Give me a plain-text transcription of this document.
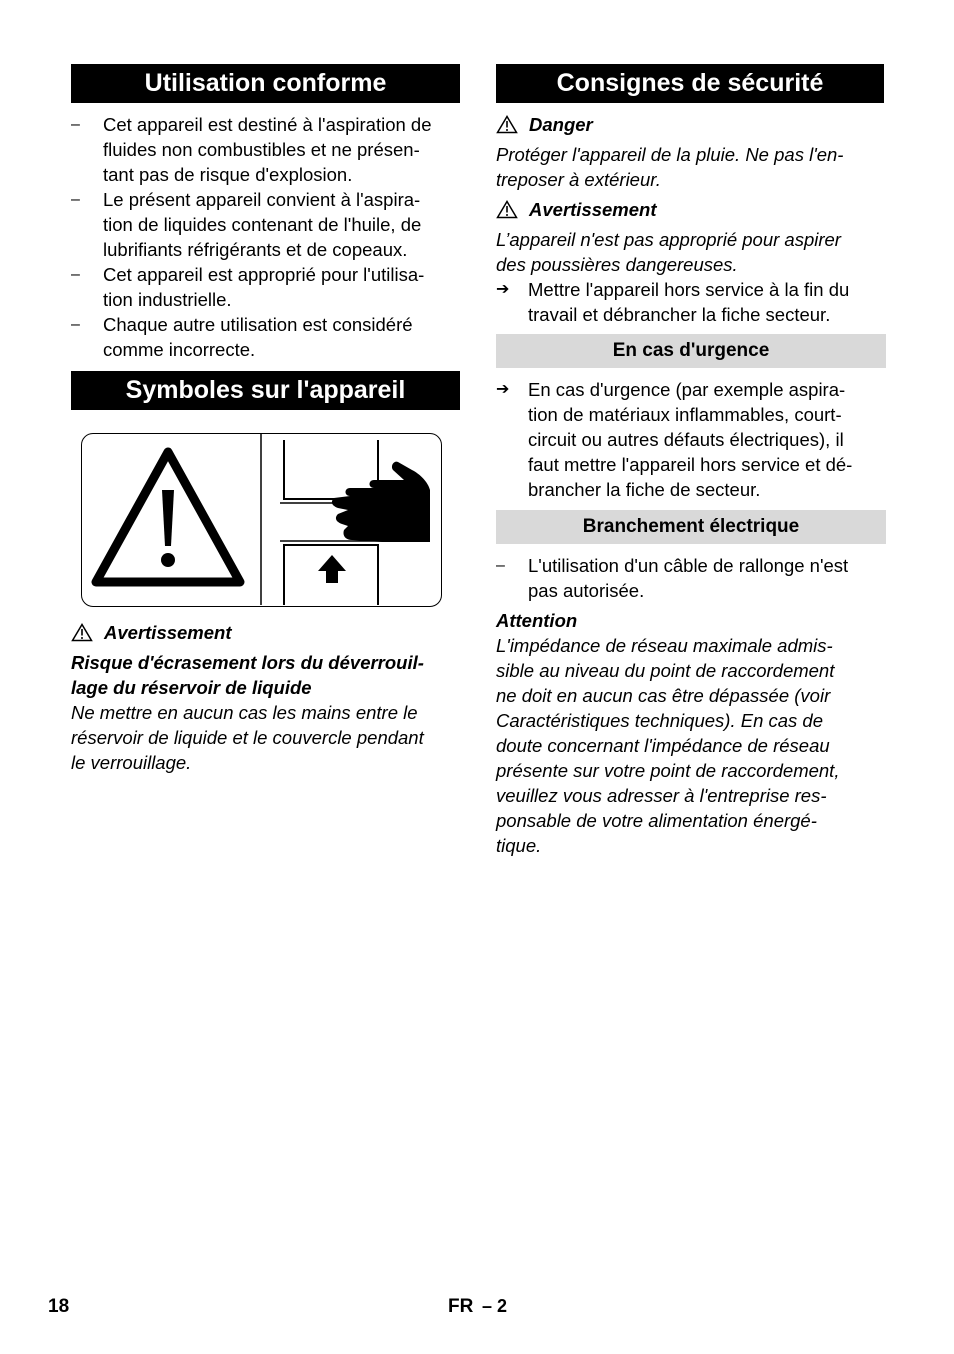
Utilisation conforme
–	Cet appareil est destiné à l'aspiration de
fluides non combustibles et ne présen-
tant pas de risque d'explosion.
–	Le présent appareil convient à l'aspira-
tion de liquides contenant de l'huile, de
lubrifiants réfrigérants et de copeaux.
–	Cet appareil est approprié pour l'utilisa-
tion industrielle.
–	Chaque autre utilisation est considéré
comme incorrecte.
Symboles sur l'appareil
Avertissement
Risque d'écrasement lors du déverrouil-
lage du réservoir de liquide
Ne mettre en aucun cas les mains entre le
réservoir de liquide et le couvercle pendant
le verrouillage.
Consignes de sécurité
Danger
Protéger l'appareil de la pluie. Ne pas l'en-
treposer à extérieur.
Avertissement
L’appareil n'est pas approprié pour aspirer
des poussières dangereuses.
➔	Mettre l'appareil hors service à la fin du
travail et débrancher la fiche secteur.
En cas d'urgence
➔	En cas d'urgence (par exemple aspira-
tion de matériaux inflammables, court-
circuit ou autres défauts électriques), il
faut mettre l'appareil hors service et dé-
brancher la fiche de secteur.
Branchement électrique
–	L'utilisation d'un câble de rallonge n'est
pas autorisée.
Attention
L'impédance de réseau maximale admis-
sible au niveau du point de raccordement
ne doit en aucun cas être dépassée (voir
Caractéristiques techniques). En cas de
doute concernant l'impédance de réseau
présente sur votre point de raccordement,
veuillez vous adresser à l'entreprise res-
ponsable de votre alimentation énergé-
tique.
18	FR – 2
